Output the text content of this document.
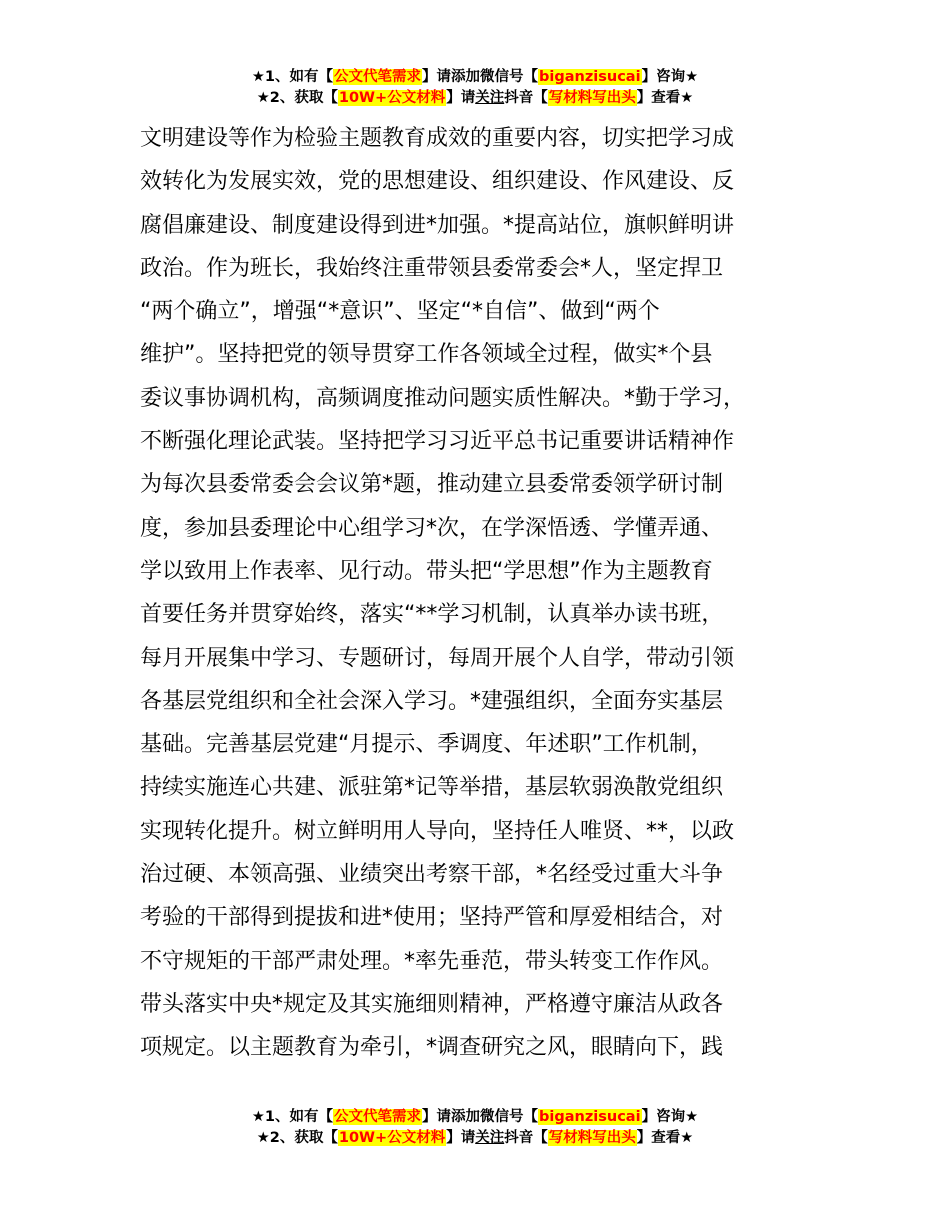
★1、如有【公文代笔需求】请添加微信号【biganzisucai】咨询★
★2、获取【10W+公文材料】请关注抖音【写材料写出头】查看★
文明建设等作为检验主题教育成效的重要内容，切实把学习成
效转化为发展实效，党的思想建设、组织建设、作风建设、反
腐倡廉建设、制度建设得到进*加强。*提高站位，旗帜鲜明讲
政治。作为班长，我始终注重带领县委常委会*人，坚定捍卫
“两个确立”，增强“*意识”、坚定“*自信”、做到“两个
维护”。坚持把党的领导贯穿工作各领域全过程，做实*个县
委议事协调机构，高频调度推动问题实质性解决。*勤于学习，
不断强化理论武装。坚持把学习习近平总书记重要讲话精神作
为每次县委常委会会议第*题，推动建立县委常委领学研讨制
度，参加县委理论中心组学习*次，在学深悟透、学懂弄通、
学以致用上作表率、见行动。带头把“学思想”作为主题教育
首要任务并贯穿始终，落实“**学习机制，认真举办读书班，
每月开展集中学习、专题研讨，每周开展个人自学，带动引领
各基层党组织和全社会深入学习。*建强组织，全面夯实基层
基础。完善基层党建“月提示、季调度、年述职”工作机制，
持续实施连心共建、派驻第*记等举措，基层软弱涣散党组织
实现转化提升。树立鲜明用人导向，坚持任人唯贤、**，以政
治过硬、本领高强、业绩突出考察干部，*名经受过重大斗争
考验的干部得到提拔和进*使用；坚持严管和厚爱相结合，对
不守规矩的干部严肃处理。*率先垂范，带头转变工作作风。
带头落实中央*规定及其实施细则精神，严格遵守廉洁从政各
项规定。以主题教育为牵引，*调查研究之风，眼睛向下，践
★1、如有【公文代笔需求】请添加微信号【biganzisucai】咨询★
★2、获取【10W+公文材料】请关注抖音【写材料写出头】查看★
